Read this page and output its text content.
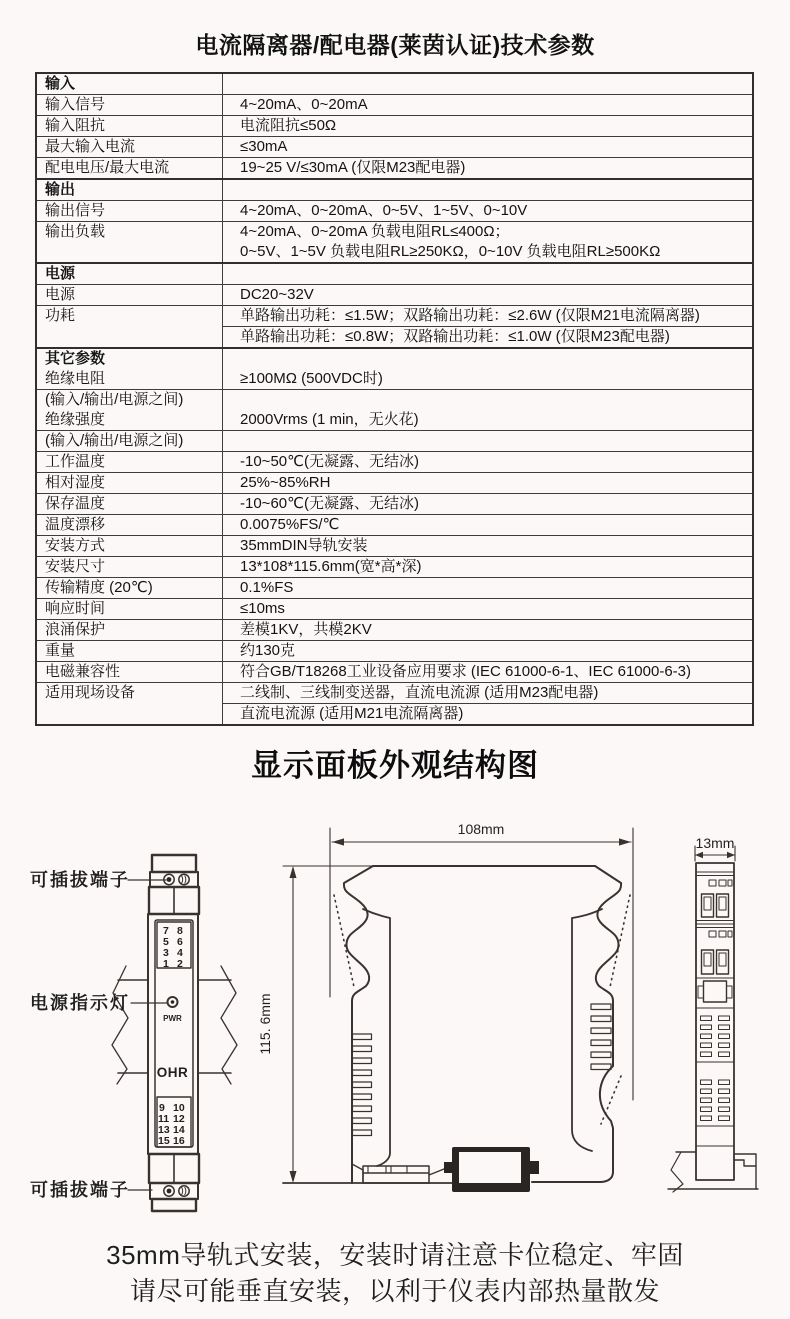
电流隔离器/配电器(莱茵认证)技术参数
输入

输入信号	4~20mA、0~20mA
输入阻抗	电流阻抗≤50Ω
最大输入电流	≤30mA
配电电压/最大电流	19~25 V/≤30mA (仅限M23配电器)
输出

输出信号	4~20mA、0~20mA、0~5V、1~5V、0~10V
输出负载	4~20mA、0~20mA 负载电阻RL≤400Ω；
0~5V、1~5V 负载电阻RL≥250KΩ，0~10V 负载电阻RL≥500KΩ
电源

电源	DC20~32V
功耗	单路输出功耗：≤1.5W；双路输出功耗：≤2.6W (仅限M21电流隔离器)
单路输出功耗：≤0.8W；双路输出功耗：≤1.0W (仅限M23配电器)
其它参数
绝缘电阻	≥100MΩ (500VDC时)
(输入/输出/电源之间)
绝缘强度	2000Vrms (1 min，无火花)
(输入/输出/电源之间)

工作温度	-10~50℃(无凝露、无结冰)
相对湿度	25%~85%RH
保存温度	-10~60℃(无凝露、无结冰)
温度漂移	0.0075%FS/℃
安装方式	35mmDIN导轨安装
安装尺寸	13*108*115.6mm(宽*高*深)
传输精度 (20℃)	0.1%FS
响应时间	≤10ms
浪涌保护	差模1KV，共模2KV
重量	约130克
电磁兼容性	符合GB/T18268工业设备应用要求 (IEC 61000-6-1、IEC 61000-6-3)
适用现场设备	二线制、三线制变送器，直流电流源 (适用M23配电器)
直流电流源 (适用M21电流隔离器)
显示面板外观结构图
可插拔端子
电源指示灯
可插拔端子
PWR
OHR
7 8
5 6
3 4
1 2
9 10
11 12
13 14
15 16
108mm
115. 6mm
13mm
35mm导轨式安装，安装时请注意卡位稳定、牢固
请尽可能垂直安装，以利于仪表内部热量散发
